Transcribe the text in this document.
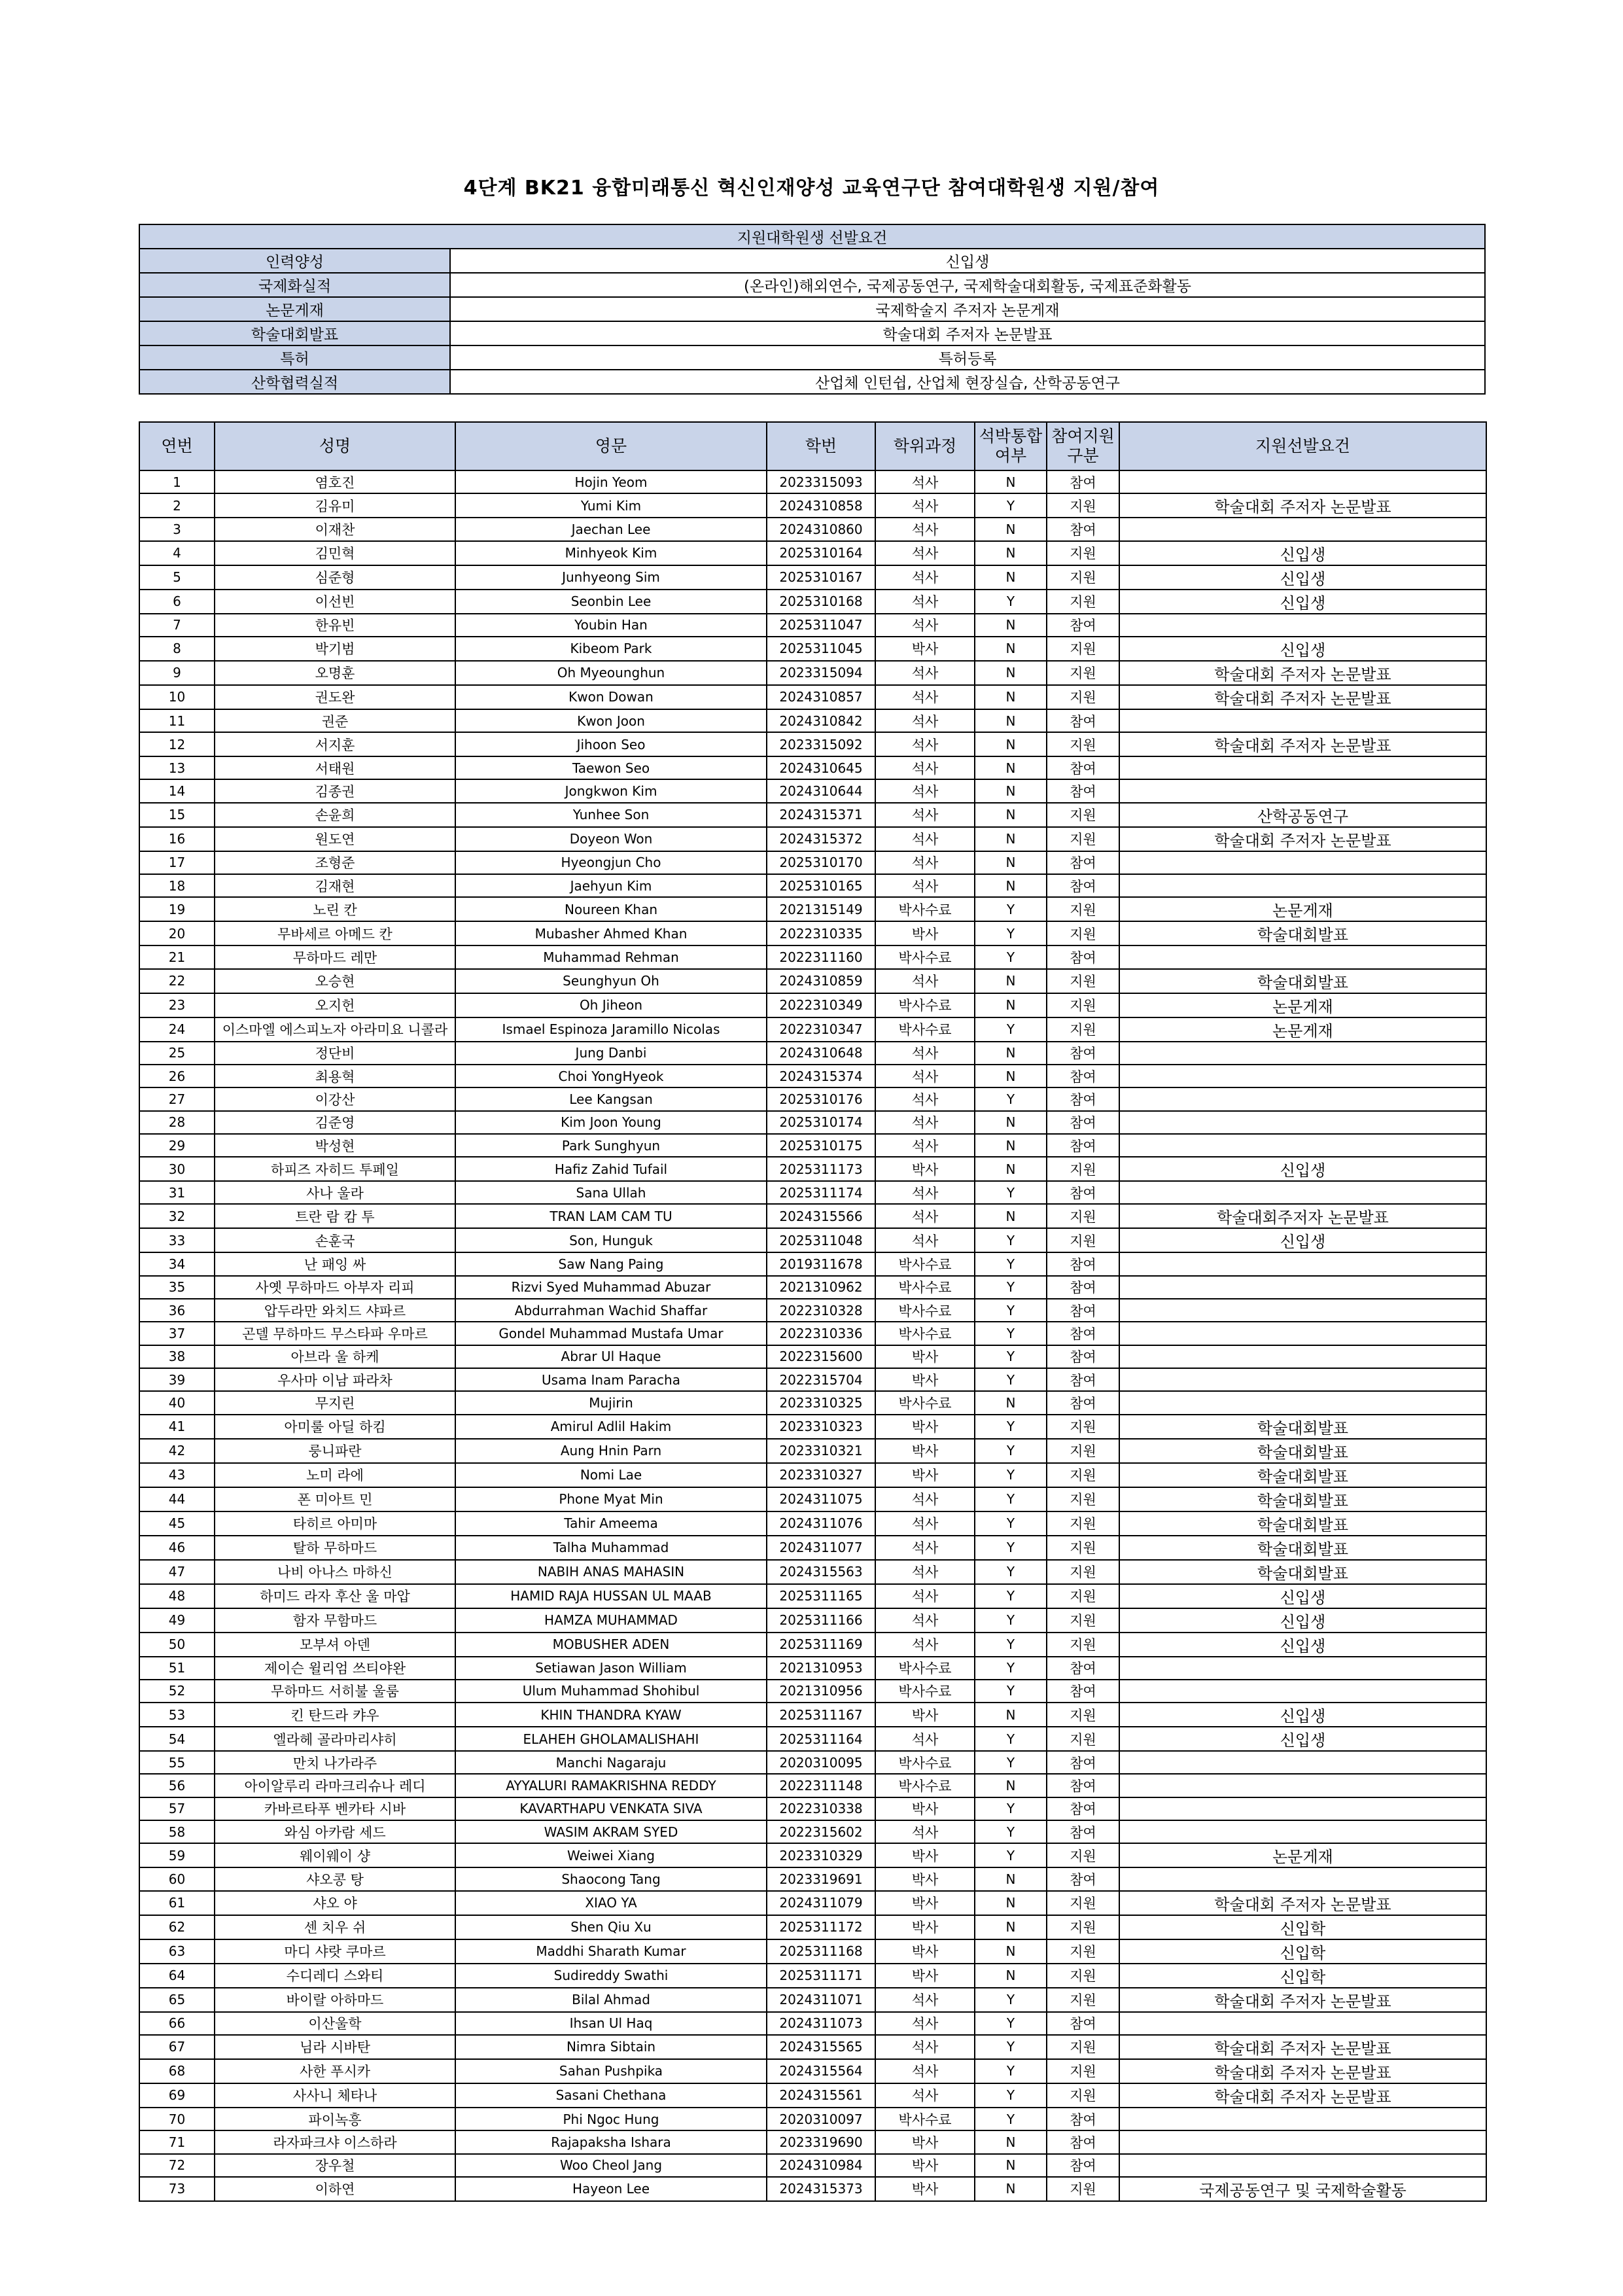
4단계 BK21 융합미래통신 혁신인재양성 교육연구단 참여대학원생 지원/참여
지원대학원생 선발요건	
인력양성	신입생
국제화실적	(온라인)해외연수, 국제공동연구, 국제학술대회활동, 국제표준화활동
논문게재	국제학술지 주저자 논문게재
학술대회발표	학술대회 주저자 논문발표
특허	특허등록
산학협력실적	산업체 인턴쉽, 산업체 현장실습, 산학공동연구
연번	성명	영문	학번	학위과정	석박통합 여부	참여지원 구분	지원선발요건
1	염호진	Hojin Yeom	2023315093	석사	N	참여	
2	김유미	Yumi Kim	2024310858	석사	Y	지원	학술대회 주저자 논문발표
3	이재찬	Jaechan Lee	2024310860	석사	N	참여	
4	김민혁	Minhyeok Kim	2025310164	석사	N	지원	신입생
5	심준형	Junhyeong Sim	2025310167	석사	N	지원	신입생
6	이선빈	Seonbin Lee	2025310168	석사	Y	지원	신입생
7	한유빈	Youbin Han	2025311047	석사	N	참여	
8	박기범	Kibeom Park	2025311045	박사	N	지원	신입생
9	오명훈	Oh Myeounghun	2023315094	석사	N	지원	학술대회 주저자 논문발표
10	권도완	Kwon Dowan	2024310857	석사	N	지원	학술대회 주저자 논문발표
11	권준	Kwon Joon	2024310842	석사	N	참여	
12	서지훈	Jihoon Seo	2023315092	석사	N	지원	학술대회 주저자 논문발표
13	서태원	Taewon Seo	2024310645	석사	N	참여	
14	김종권	Jongkwon Kim	2024310644	석사	N	참여	
15	손윤희	Yunhee Son	2024315371	석사	N	지원	산학공동연구
16	원도연	Doyeon Won	2024315372	석사	N	지원	학술대회 주저자 논문발표
17	조형준	Hyeongjun Cho	2025310170	석사	N	참여	
18	김재현	Jaehyun Kim	2025310165	석사	N	참여	
19	노린 칸	Noureen Khan	2021315149	박사수료	Y	지원	논문게재
20	무바세르 아메드 칸	Mubasher Ahmed Khan	2022310335	박사	Y	지원	학술대회발표
21	무하마드 레만	Muhammad Rehman	2022311160	박사수료	Y	참여	
22	오승현	Seunghyun Oh	2024310859	석사	N	지원	학술대회발표
23	오지헌	Oh Jiheon	2022310349	박사수료	N	지원	논문게재
24	이스마엘 에스피노자 아라미요 니콜라	Ismael Espinoza Jaramillo Nicolas	2022310347	박사수료	Y	지원	논문게재
25	정단비	Jung Danbi	2024310648	석사	N	참여	
26	최용혁	Choi YongHyeok	2024315374	석사	N	참여	
27	이강산	Lee Kangsan	2025310176	석사	Y	참여	
28	김준영	Kim Joon Young	2025310174	석사	N	참여	
29	박성현	Park Sunghyun	2025310175	석사	N	참여	
30	하피즈 자히드 투페일	Hafiz Zahid Tufail	2025311173	박사	N	지원	신입생
31	사나 울라	Sana Ullah	2025311174	석사	Y	참여	
32	트란 람 캄 투	TRAN LAM CAM TU	2024315566	석사	N	지원	학술대회주저자 논문발표
33	손훈국	Son, Hunguk	2025311048	석사	Y	지원	신입생
34	난 패잉 싸	Saw Nang Paing	2019311678	박사수료	Y	참여	
35	사옛 무하마드 아부자 리피	Rizvi Syed Muhammad Abuzar	2021310962	박사수료	Y	참여	
36	압두라만 와치드 샤파르	Abdurrahman Wachid Shaffar	2022310328	박사수료	Y	참여	
37	곤델 무하마드 무스타파 우마르	Gondel Muhammad Mustafa Umar	2022310336	박사수료	Y	참여	
38	아브라 울 하케	Abrar Ul Haque	2022315600	박사	Y	참여	
39	우사마 이남 파라차	Usama Inam Paracha	2022315704	박사	Y	참여	
40	무지린	Mujirin	2023310325	박사수료	N	참여	
41	아미룰 아딜 하킴	Amirul Adlil Hakim	2023310323	박사	Y	지원	학술대회발표
42	룽니파란	Aung Hnin Parn	2023310321	박사	Y	지원	학술대회발표
43	노미 라에	Nomi Lae	2023310327	박사	Y	지원	학술대회발표
44	폰 미아트 민	Phone Myat Min	2024311075	석사	Y	지원	학술대회발표
45	타히르 아미마	Tahir Ameema	2024311076	석사	Y	지원	학술대회발표
46	탈하 무하마드	Talha Muhammad	2024311077	석사	Y	지원	학술대회발표
47	나비 아나스 마하신	NABIH ANAS MAHASIN	2024315563	석사	Y	지원	학술대회발표
48	하미드 라자 후산 울 마압	HAMID RAJA HUSSAN UL MAAB	2025311165	석사	Y	지원	신입생
49	함자 무함마드	HAMZA MUHAMMAD	2025311166	석사	Y	지원	신입생
50	모부셔 아덴	MOBUSHER ADEN	2025311169	석사	Y	지원	신입생
51	제이슨 윌리엄 쓰티야완	Setiawan Jason William	2021310953	박사수료	Y	참여	
52	무하마드 서히불 울룸	Ulum Muhammad Shohibul	2021310956	박사수료	Y	참여	
53	킨 탄드라 캬우	KHIN THANDRA KYAW	2025311167	박사	N	지원	신입생
54	엘라헤 골라마리샤히	ELAHEH GHOLAMALISHAHI	2025311164	석사	Y	지원	신입생
55	만치 나가라주	Manchi Nagaraju	2020310095	박사수료	Y	참여	
56	아이알루리 라마크리슈나 레디	AYYALURI RAMAKRISHNA REDDY	2022311148	박사수료	N	참여	
57	카바르타푸 벤카타 시바	KAVARTHAPU VENKATA SIVA	2022310338	박사	Y	참여	
58	와심 아카람 세드	WASIM AKRAM SYED	2022315602	석사	Y	참여	
59	웨이웨이 샹	Weiwei Xiang	2023310329	박사	Y	지원	논문게재
60	샤오콩 탕	Shaocong Tang	2023319691	박사	N	참여	
61	샤오 야	XIAO YA	2024311079	박사	N	지원	학술대회 주저자 논문발표
62	센 치우 쉬	Shen Qiu Xu	2025311172	박사	N	지원	신입학
63	마디 샤랏 쿠마르	Maddhi Sharath Kumar	2025311168	박사	N	지원	신입학
64	수디레디 스와티	Sudireddy Swathi	2025311171	박사	N	지원	신입학
65	바이랄 아하마드	Bilal Ahmad	2024311071	석사	Y	지원	학술대회 주저자 논문발표
66	이산울학	Ihsan Ul Haq	2024311073	석사	Y	참여	
67	님라 시바탄	Nimra Sibtain	2024315565	석사	Y	지원	학술대회 주저자 논문발표
68	사한 푸시카	Sahan Pushpika	2024315564	석사	Y	지원	학술대회 주저자 논문발표
69	사사니 체타나	Sasani Chethana	2024315561	석사	Y	지원	학술대회 주저자 논문발표
70	파이녹흥	Phi Ngoc Hung	2020310097	박사수료	Y	참여	
71	라자파크샤 이스하라	Rajapaksha Ishara	2023319690	박사	N	참여	
72	장우철	Woo Cheol Jang	2024310984	박사	N	참여	
73	이하연	Hayeon Lee	2024315373	박사	N	지원	국제공동연구 및 국제학술활동
